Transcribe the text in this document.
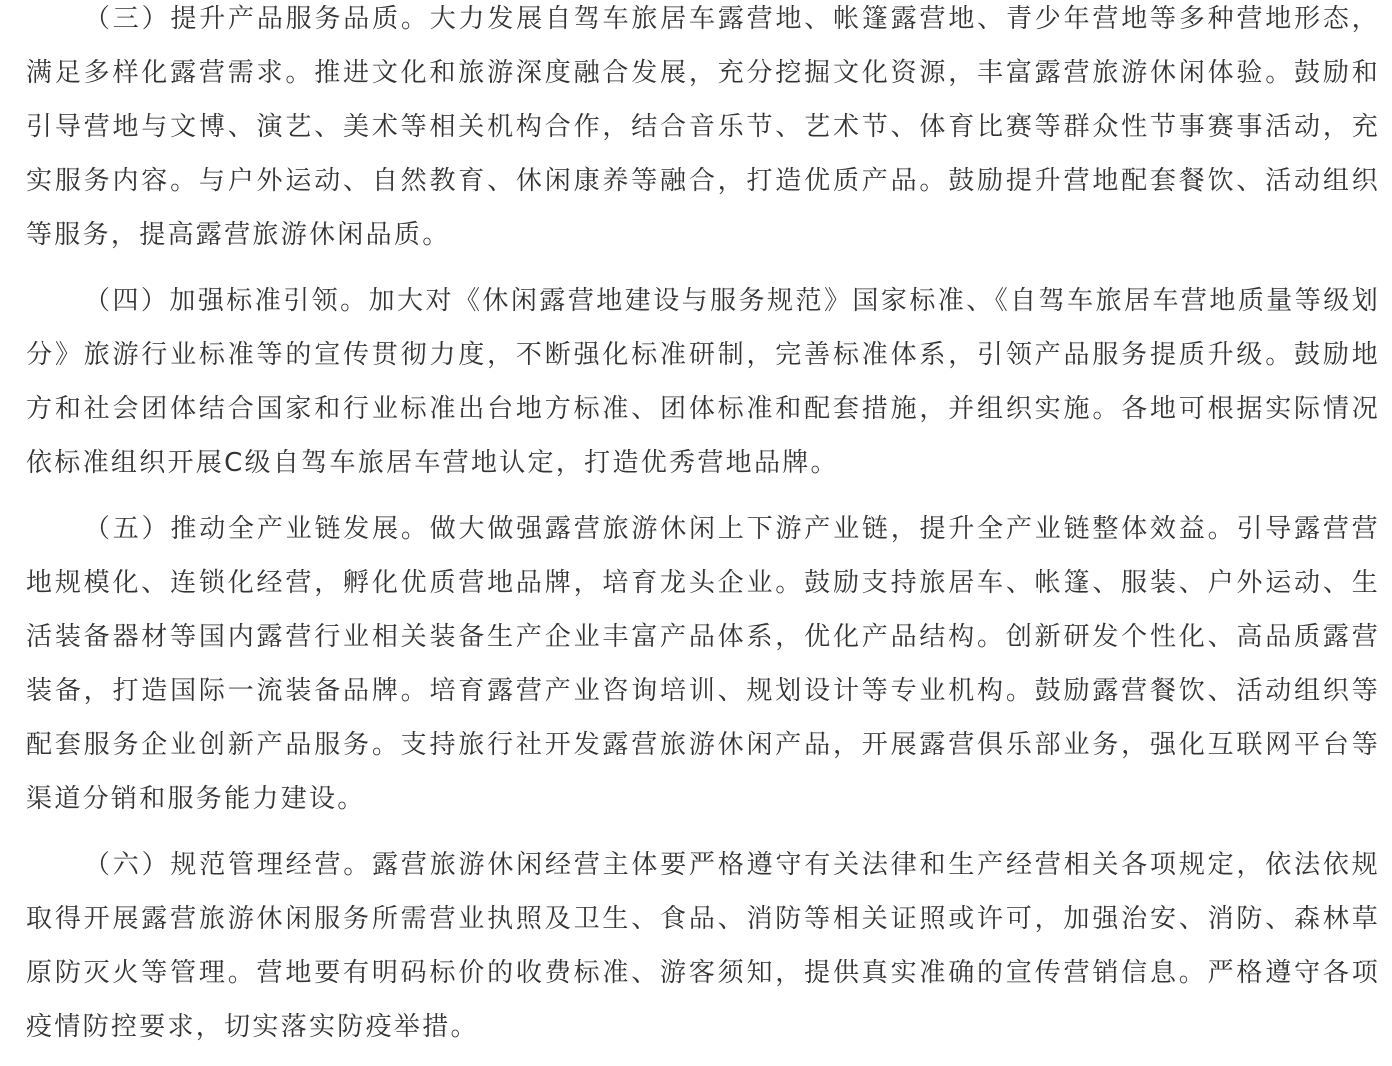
（三）提升产品服务品质。大力发展自驾车旅居车露营地、帐篷露营地、青少年营地等多种营地形态，满足多样化露营需求。推进文化和旅游深度融合发展，充分挖掘文化资源，丰富露营旅游休闲体验。鼓励和引导营地与文博、演艺、美术等相关机构合作，结合音乐节、艺术节、体育比赛等群众性节事赛事活动，充实服务内容。与户外运动、自然教育、休闲康养等融合，打造优质产品。鼓励提升营地配套餐饮、活动组织等服务，提高露营旅游休闲品质。

（四）加强标准引领。加大对《休闲露营地建设与服务规范》国家标准、《自驾车旅居车营地质量等级划分》旅游行业标准等的宣传贯彻力度，不断强化标准研制，完善标准体系，引领产品服务提质升级。鼓励地方和社会团体结合国家和行业标准出台地方标准、团体标准和配套措施，并组织实施。各地可根据实际情况依标准组织开展C级自驾车旅居车营地认定，打造优秀营地品牌。

（五）推动全产业链发展。做大做强露营旅游休闲上下游产业链，提升全产业链整体效益。引导露营营地规模化、连锁化经营，孵化优质营地品牌，培育龙头企业。鼓励支持旅居车、帐篷、服装、户外运动、生活装备器材等国内露营行业相关装备生产企业丰富产品体系，优化产品结构。创新研发个性化、高品质露营装备，打造国际一流装备品牌。培育露营产业咨询培训、规划设计等专业机构。鼓励露营餐饮、活动组织等配套服务企业创新产品服务。支持旅行社开发露营旅游休闲产品，开展露营俱乐部业务，强化互联网平台等渠道分销和服务能力建设。

（六）规范管理经营。露营旅游休闲经营主体要严格遵守有关法律和生产经营相关各项规定，依法依规取得开展露营旅游休闲服务所需营业执照及卫生、食品、消防等相关证照或许可，加强治安、消防、森林草原防灭火等管理。营地要有明码标价的收费标准、游客须知，提供真实准确的宣传营销信息。严格遵守各项疫情防控要求，切实落实防疫举措。
